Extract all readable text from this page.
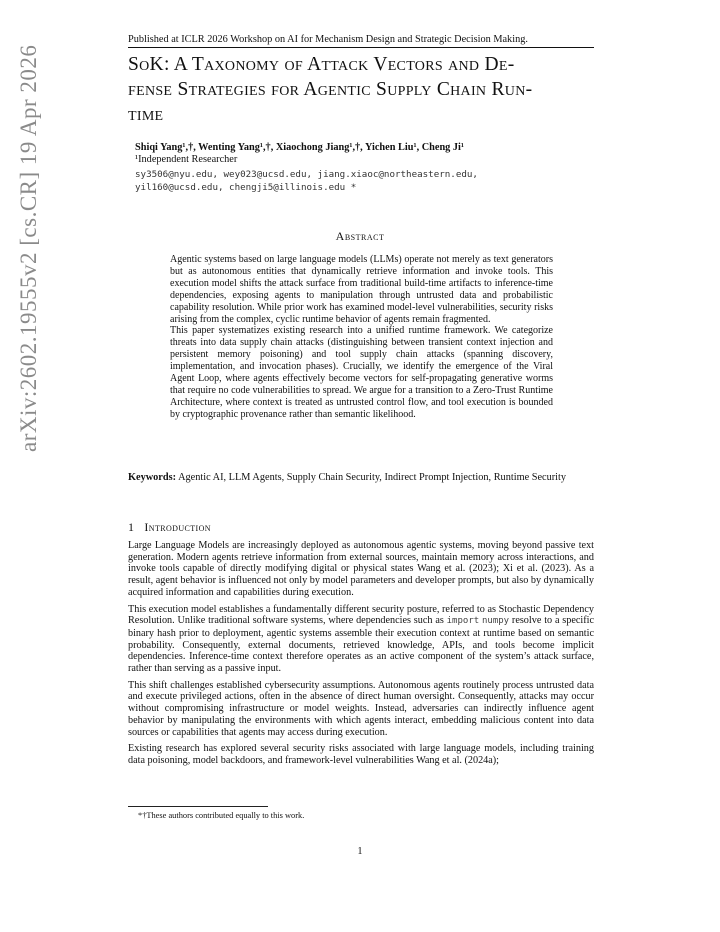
arXiv:2602.19555v2 [cs.CR] 19 Apr 2026
Published at ICLR 2026 Workshop on AI for Mechanism Design and Strategic Decision Making.
SoK: A Taxonomy of Attack Vectors and De-
fense Strategies for Agentic Supply Chain Run-
time
Shiqi Yang¹,†, Wenting Yang¹,†, Xiaochong Jiang¹,†, Yichen Liu¹, Cheng Ji¹
¹Independent Researcher
sy3506@nyu.edu, wey023@ucsd.edu, jiang.xiaoc@northeastern.edu,
yil160@ucsd.edu, chengji5@illinois.edu *
Abstract

Agentic systems based on large language models (LLMs) operate not merely as text generators but as autonomous entities that dynamically retrieve information and invoke tools. This execution model shifts the attack surface from traditional build-time artifacts to inference-time dependencies, exposing agents to manipulation through untrusted data and probabilistic capability resolution. While prior work has examined model-level vulnerabilities, security risks arising from the complex, cyclic runtime behavior of agents remain fragmented.

This paper systematizes existing research into a unified runtime framework. We categorize threats into data supply chain attacks (distinguishing between transient context injection and persistent memory poisoning) and tool supply chain attacks (spanning discovery, implementation, and invocation phases). Crucially, we identify the emergence of the Viral Agent Loop, where agents effectively become vectors for self-propagating generative worms that require no code vulnerabilities to spread. We argue for a transition to a Zero-Trust Runtime Architecture, where context is treated as untrusted control flow, and tool execution is bounded by cryptographic provenance rather than semantic likelihood.

Keywords: Agentic AI, LLM Agents, Supply Chain Security, Indirect Prompt Injection, Runtime Security
1 Introduction

Large Language Models are increasingly deployed as autonomous agentic systems, moving beyond passive text generation. Modern agents retrieve information from external sources, maintain memory across interactions, and invoke tools capable of directly modifying digital or physical states Wang et al. (2023); Xi et al. (2023). As a result, agent behavior is influenced not only by model parameters and developer prompts, but also by dynamically acquired information and capabilities during execution.

This execution model establishes a fundamentally different security posture, referred to as Stochastic Dependency Resolution. Unlike traditional software systems, where dependencies such as import numpy resolve to a specific binary hash prior to deployment, agentic systems assemble their execution context at runtime based on semantic probability. Consequently, external documents, retrieved knowledge, APIs, and tools become implicit dependencies. Inference-time context therefore operates as an active component of the system’s attack surface, rather than serving as a passive input.

This shift challenges established cybersecurity assumptions. Autonomous agents routinely process untrusted data and execute privileged actions, often in the absence of direct human oversight. Consequently, attacks may occur without compromising infrastructure or model weights. Instead, adversaries can indirectly influence agent behavior by manipulating the environments with which agents interact, embedding malicious content into data sources or capabilities that agents may access during execution.

Existing research has explored several security risks associated with large language models, including training data poisoning, model backdoors, and framework-level vulnerabilities Wang et al. (2024a);

*†These authors contributed equally to this work.
1
